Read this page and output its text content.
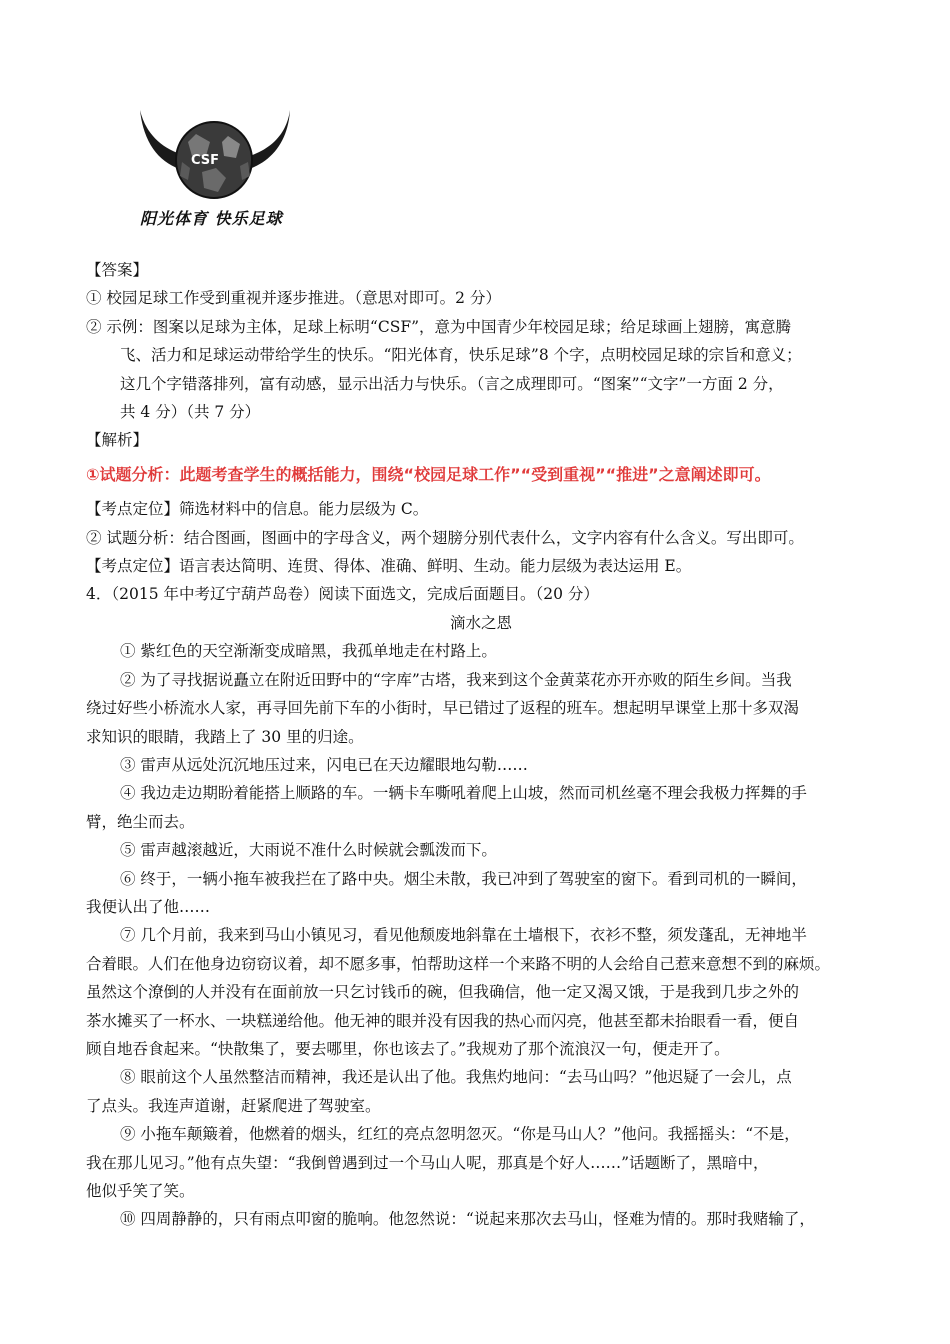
CSF
阳光体育 快乐足球
【答案】
① 校园足球工作受到重视并逐步推进。（意思对即可。2 分）
② 示例：图案以足球为主体，足球上标明“CSF”，意为中国青少年校园足球；给足球画上翅膀，寓意腾
飞、活力和足球运动带给学生的快乐。“阳光体育，快乐足球”8 个字，点明校园足球的宗旨和意义；
这几个字错落排列，富有动感，显示出活力与快乐。（言之成理即可。“图案”“文字”一方面 2 分，
共 4 分）（共 7 分）
【解析】
①试题分析：此题考查学生的概括能力，围绕“校园足球工作”“受到重视”“推进”之意阐述即可。
【考点定位】筛选材料中的信息。能力层级为 C。
② 试题分析：结合图画，图画中的字母含义，两个翅膀分别代表什么，文字内容有什么含义。写出即可。
【考点定位】语言表达简明、连贯、得体、准确、鲜明、生动。能力层级为表达运用 E。
4．（2015 年中考辽宁葫芦岛卷）阅读下面选文，完成后面题目。（20 分）
滴水之恩
① 紫红色的天空渐渐变成暗黑，我孤单地走在村路上。
② 为了寻找据说矗立在附近田野中的“字库”古塔，我来到这个金黄菜花亦开亦败的陌生乡间。当我
绕过好些小桥流水人家，再寻回先前下车的小街时，早已错过了返程的班车。想起明早课堂上那十多双渴
求知识的眼睛，我踏上了 30 里的归途。
③ 雷声从远处沉沉地压过来，闪电已在天边耀眼地勾勒……
④ 我边走边期盼着能搭上顺路的车。一辆卡车嘶吼着爬上山坡，然而司机丝毫不理会我极力挥舞的手
臂，绝尘而去。
⑤ 雷声越滚越近，大雨说不准什么时候就会瓢泼而下。
⑥ 终于，一辆小拖车被我拦在了路中央。烟尘未散，我已冲到了驾驶室的窗下。看到司机的一瞬间，
我便认出了他……
⑦ 几个月前，我来到马山小镇见习，看见他颓废地斜靠在土墙根下，衣衫不整，须发蓬乱，无神地半
合着眼。人们在他身边窃窃议着，却不愿多事，怕帮助这样一个来路不明的人会给自己惹来意想不到的麻烦。
虽然这个潦倒的人并没有在面前放一只乞讨钱币的碗，但我确信，他一定又渴又饿，于是我到几步之外的
茶水摊买了一杯水、一块糕递给他。他无神的眼并没有因我的热心而闪亮，他甚至都未抬眼看一看，便自
顾自地吞食起来。“快散集了，要去哪里，你也该去了。”我规劝了那个流浪汉一句，便走开了。
⑧ 眼前这个人虽然整洁而精神，我还是认出了他。我焦灼地问：“去马山吗？”他迟疑了一会儿，点
了点头。我连声道谢，赶紧爬进了驾驶室。
⑨ 小拖车颠簸着，他燃着的烟头，红红的亮点忽明忽灭。“你是马山人？”他问。我摇摇头：“不是，
我在那儿见习。”他有点失望：“我倒曾遇到过一个马山人呢，那真是个好人……”话题断了，黑暗中，
他似乎笑了笑。
⑩ 四周静静的，只有雨点叩窗的脆响。他忽然说：“说起来那次去马山，怪难为情的。那时我赌输了，
